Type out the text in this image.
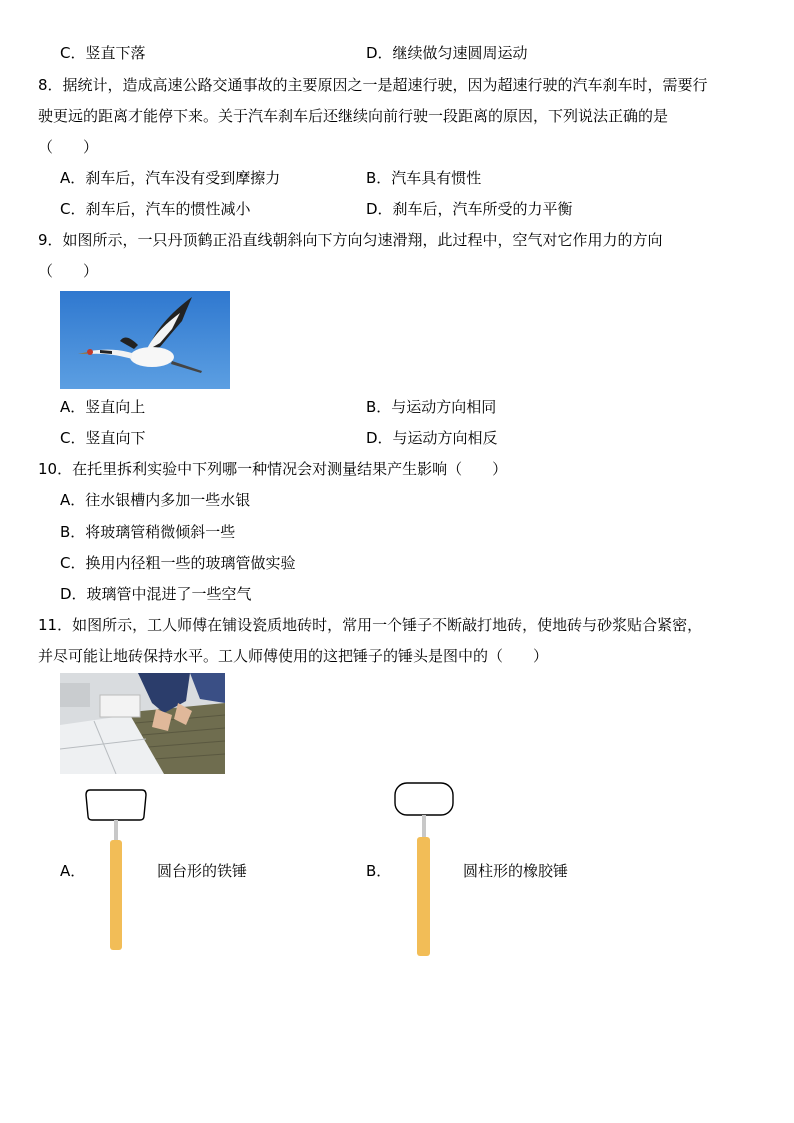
C．竖直下落	D．继续做匀速圆周运动
8．据统计，造成高速公路交通事故的主要原因之一是超速行驶，因为超速行驶的汽车刹车时，需要行
驶更远的距离才能停下来。关于汽车刹车后还继续向前行驶一段距离的原因，下列说法正确的是
（　　）
A．刹车后，汽车没有受到摩擦力	B．汽车具有惯性
C．刹车后，汽车的惯性减小	D．刹车后，汽车所受的力平衡
9．如图所示，一只丹顶鹤正沿直线朝斜向下方向匀速滑翔，此过程中，空气对它作用力的方向
（　　）
A．竖直向上	B．与运动方向相同
C．竖直向下	D．与运动方向相反
10．在托里拆利实验中下列哪一种情况会对测量结果产生影响（　　）
A．往水银槽内多加一些水银
B．将玻璃管稍微倾斜一些
C．换用内径粗一些的玻璃管做实验
D．玻璃管中混进了一些空气
11．如图所示，工人师傅在铺设瓷质地砖时，常用一个锤子不断敲打地砖，使地砖与砂浆贴合紧密，
并尽可能让地砖保持水平。工人师傅使用的这把锤子的锤头是图中的（　　）
A．	圆台形的铁锤	B．	圆柱形的橡胶锤
